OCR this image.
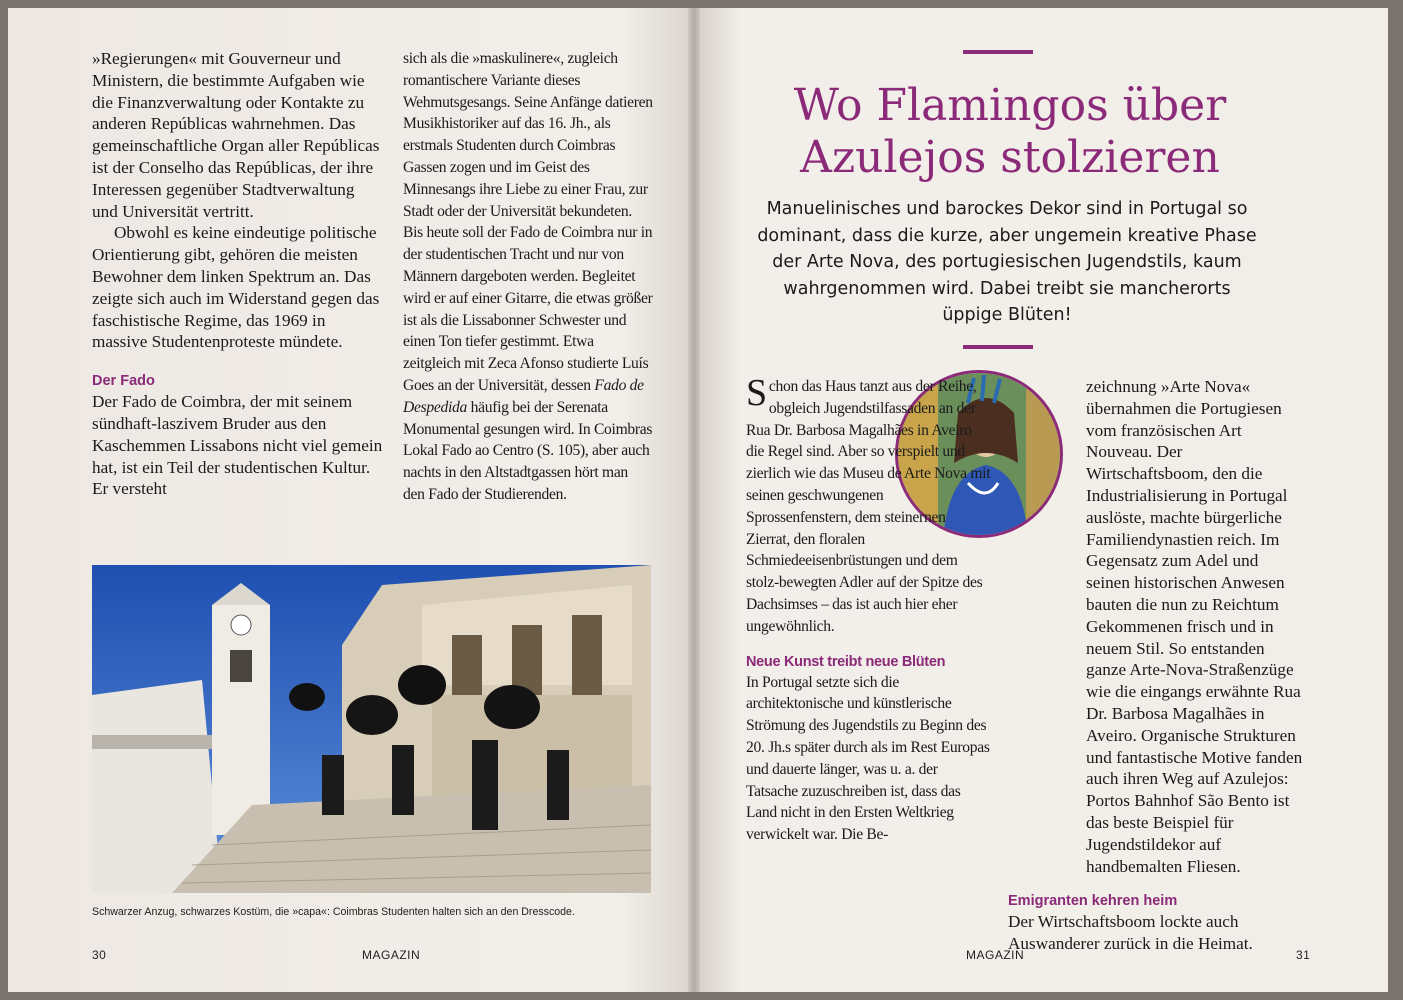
»Regierungen« mit Gouverneur und Ministern, die bestimmte Aufgaben wie die Finanzverwaltung oder Kontakte zu anderen Repúblicas wahrnehmen. Das gemeinschaftliche Organ aller Repúblicas ist der Conselho das Repúblicas, der ihre Interessen gegenüber Stadtverwaltung und Universität vertritt.

Obwohl es keine eindeutige politische Orientierung gibt, gehören die meisten Bewohner dem linken Spektrum an. Das zeigte sich auch im Widerstand gegen das faschistische Regime, das 1969 in massive Studentenproteste mündete.

Der Fado

Der Fado de Coimbra, der mit seinem sündhaft-laszivem Bruder aus den Kaschemmen Lissabons nicht viel gemein hat, ist ein Teil der studentischen Kultur. Er versteht

sich als die »maskulinere«, zugleich romantischere Variante dieses Wehmutsgesangs. Seine Anfänge datieren Musikhistoriker auf das 16. Jh., als erstmals Studenten durch Coimbras Gassen zogen und im Geist des Minnesangs ihre Liebe zu einer Frau, zur Stadt oder der Universität bekundeten. Bis heute soll der Fado de Coimbra nur in der studentischen Tracht und nur von Männern dargeboten werden. Begleitet wird er auf einer Gitarre, die etwas größer ist als die Lissabonner Schwester und einen Ton tiefer gestimmt. Etwa zeitgleich mit Zeca Afonso studierte Luís Goes an der Universität, dessen Fado de Despedida häufig bei der Serenata Monumental gesungen wird. In Coimbras Lokal Fado ao Centro (S. 105), aber auch nachts in den Altstadtgassen hört man den Fado der Studierenden.

Schwarzer Anzug, schwarzes Kostüm, die »capa«: Coimbras Studenten halten sich an den Dresscode.
30	MAGAZIN
Wo Flamingos über
Azulejos stolzieren
Manuelinisches und barockes Dekor sind in Portugal so dominant, dass die kurze, aber ungemein kreative Phase der Arte Nova, des portugiesischen Jugendstils, kaum wahrgenommen wird. Dabei treibt sie mancherorts üppige Blüten!

Schon das Haus tanzt aus der Reihe, obgleich Jugendstilfassaden an der Rua Dr. Barbosa Magalhães in Aveiro die Regel sind. Aber so verspielt und zierlich wie das Museu de Arte Nova mit seinen geschwungenen Sprossenfenstern, dem steinernen Zierrat, den floralen Schmiedeeisenbrüstungen und dem stolz-bewegten Adler auf der Spitze des Dachsimses – das ist auch hier eher ungewöhnlich.

Neue Kunst treibt neue Blüten

In Portugal setzte sich die architektonische und künstlerische Strömung des Jugendstils zu Beginn des 20. Jh.s später durch als im Rest Europas und dauerte länger, was u. a. der Tatsache zuzuschreiben ist, dass das Land nicht in den Ersten Weltkrieg verwickelt war. Die Be-

zeichnung »Arte Nova« übernahmen die Portugiesen vom französischen Art Nouveau. Der Wirtschaftsboom, den die Industrialisierung in Portugal auslöste, machte bürgerliche Familiendynastien reich. Im Gegensatz zum Adel und seinen historischen Anwesen bauten die nun zu Reichtum Gekommenen frisch und in neuem Stil. So entstanden ganze Arte-Nova-Straßenzüge wie die eingangs erwähnte Rua Dr. Barbosa Magalhães in Aveiro. Organische Strukturen und fantastische Motive fanden auch ihren Weg auf Azulejos: Portos Bahnhof São Bento ist das beste Beispiel für Jugendstildekor auf handbemalten Fliesen.

Emigranten kehren heim

Der Wirtschaftsboom lockte auch Auswanderer zurück in die Heimat.

MAGAZIN	31
